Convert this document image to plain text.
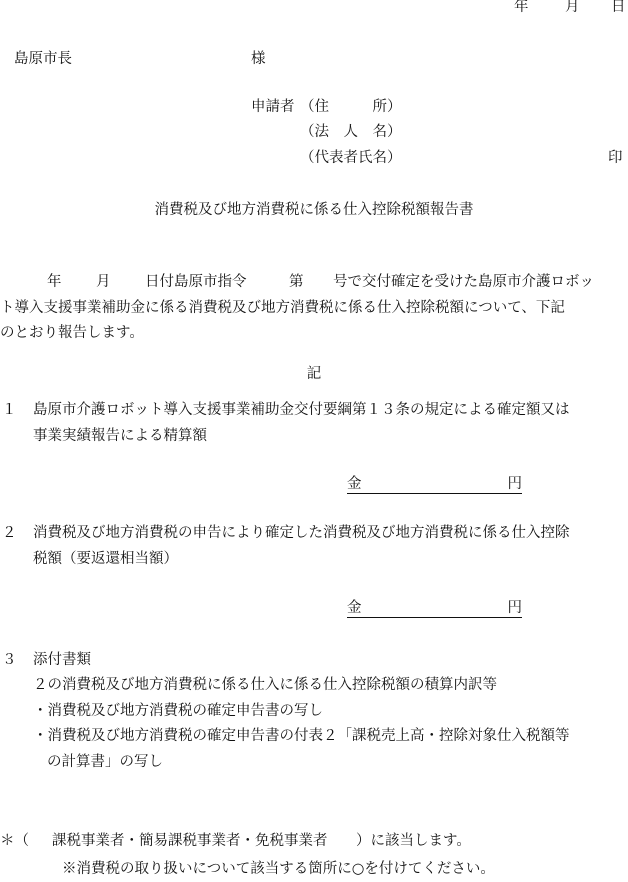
年	月 日
島原市長	様
申請者 （住　　　所）
（法　人　名）
（代表者氏名）	印
消費税及び地方消費税に係る仕入控除税額報告書
年 月 日付島原市指令	第 号で交付確定を受けた島原市介護ロボッ
ト導入支援事業補助金に係る消費税及び地方消費税に係る仕入控除税額について、下記
のとおり報告します。
記
１ 島原市介護ロボット導入支援事業補助金交付要綱第１３条の規定による確定額又は
事業実績報告による精算額
金	円
２ 消費税及び地方消費税の申告により確定した消費税及び地方消費税に係る仕入控除
税額（要返還相当額）
金	円
３ 添付書類
２の消費税及び地方消費税に係る仕入に係る仕入控除税額の積算内訳等
・消費税及び地方消費税の確定申告書の写し
・消費税及び地方消費税の確定申告書の付表２「課税売上高・控除対象仕入税額等
の計算書」の写し
＊（ 課税事業者・簡易課税事業者・免税事業者 ）に該当します。
※消費税の取り扱いについて該当する箇所に○を付けてください。
